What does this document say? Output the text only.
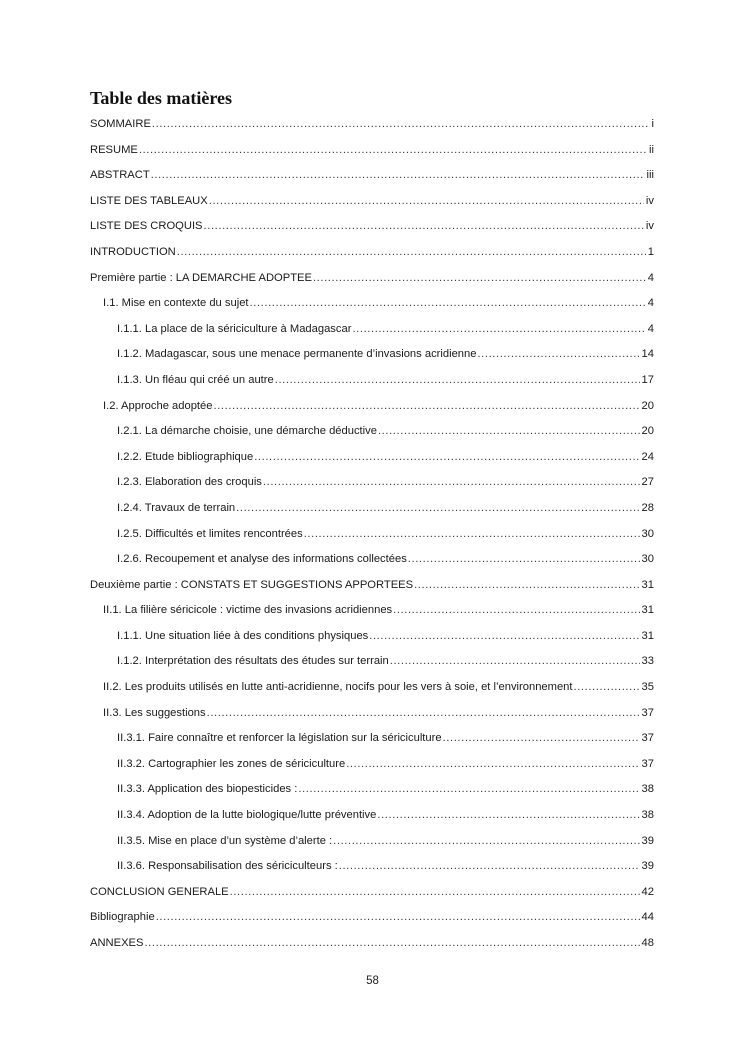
Table des matières
SOMMAIRE .....	i
RESUME .....	ii
ABSTRACT .....	iii
LISTE DES TABLEAUX .....	iv
LISTE DES CROQUIS .....	iv
INTRODUCTION .....	1
Première partie : LA DEMARCHE ADOPTEE .....	4
I.1. Mise en contexte du sujet .....	4
I.1.1. La place de la sériciculture à Madagascar .....	4
I.1.2. Madagascar, sous une menace permanente d’invasions acridienne .....	14
I.1.3. Un fléau qui créé un autre .....	17
I.2. Approche adoptée .....	20
I.2.1. La démarche choisie, une démarche déductive .....	20
I.2.2. Etude bibliographique .....	24
I.2.3. Elaboration des croquis .....	27
I.2.4. Travaux de terrain .....	28
I.2.5. Difficultés et limites rencontrées .....	30
I.2.6. Recoupement et analyse des informations collectées .....	30
Deuxième partie : CONSTATS ET SUGGESTIONS APPORTEES .....	31
II.1. La filière séricicole : victime des invasions acridiennes .....	31
I.1.1. Une situation liée à des conditions physiques .....	31
I.1.2. Interprétation des résultats des études sur terrain .....	33
II.2. Les produits utilisés en lutte anti-acridienne, nocifs pour les vers à soie, et l’environnement .....	35
II.3. Les suggestions .....	37
II.3.1. Faire connaître et renforcer la législation sur la sériciculture .....	37
II.3.2. Cartographier les zones de sériciculture .....	37
II.3.3. Application des biopesticides : .....	38
II.3.4. Adoption de la lutte biologique/lutte préventive .....	38
II.3.5. Mise en place d’un système d’alerte : .....	39
II.3.6. Responsabilisation des sériciculteurs : .....	39
CONCLUSION GENERALE .....	42
Bibliographie .....	44
ANNEXES .....	48
58
